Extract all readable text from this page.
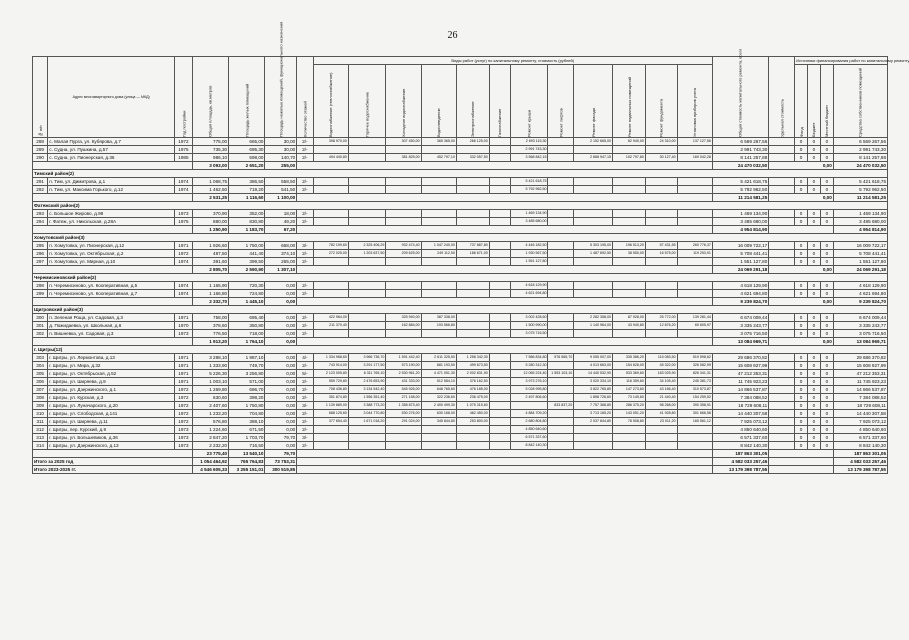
26
№ п/п	Адрес многоквартирного дома (улица — МКД)	Год постройки	Общая площадь, кв.метров	Площадь жилых помещений	Площадь нежилых помещений, функционального назначения	Количество этажей	Виды работ (услуг) по капитальному ремонту, стоимость (рублей)												Общая стоимость капитального ремонта, всего	Удельная стоимость	Источники финансирования работ по капитальному ремонту			
							Водоснабжение (теплоснабжение)	Горячее водоснабжение	Холодное водоснабжение	Водоотведение	Электроснабжение	Газоснабжение	Ремонт крыши	Ремонт лифтов	Ремонт фасада	Ремонт подвальных помещений	Ремонт фундамента	Установка приборов учета			Фонд	Бюджет	Местный бюджет	Средства собственников помещений
288	с. Малая Пурга, ул. Кубярова, д.7	1972	775,00	665,00	30,00	2/-	398 970,00		307 450,00	365 365,00	266 125,00		2 693 115,30		2 152 665,00	82 940,00	24 310,00	137 127,56	6 569 267,56		0	0	0	6 569 267,56
289	с. Судна, ул. Пушкина, д.57	1975	735,30	695,30	30,00	2/-							2 991 743,30						2 991 743,30		0	0	0	2 991 743,30
290	с. Судна, ул. Пионерская, д.36	1985	986,10	598,00	140,70	2/-	494 440,80		381 825,00	452 797,10	332 057,50		3 568 842,15		2 668 947,15	102 797,80	30 127,40	169 042,28	8 141 257,88		0	0	0	8 141 257,88
			3 093,00	2 651,20	255,00														24 470 032,50	0,00				24 470 032,50
Тимский район(2)																								
291	п. Тим, ул. Димитрова, д.1	1974	1 068,75	386,50	558,50	2/-							5 421 618,75						5 421 618,75		0	0	0	5 421 618,75
292	п. Тим, ул. Максима Горького, д.12	1974	1 462,50	719,20	541,50	2/-							5 792 962,50						5 792 962,50		0	0	0	5 792 962,50
			2 531,25	1 116,60	1 100,00														11 214 581,25	0,00				11 214 581,25
Фатежский район(2)																								
293	с. Большое Жирово, д.98	1973	370,90	352,00	18,00	2/-							1 469 134,90						1 469 134,90		0	0	0	1 469 134,90
294	г. Фатеж, ул. Никольская, д.28А	1975	880,00	830,80	49,20	2/-							3 485 680,00						3 485 680,00		0	0	0	3 485 680,00
			1 250,90	1 183,70	67,20														4 954 814,90					4 954 814,90
Хомутовский район(3)																								
295	п. Хомутовка, ул. Пионерская, д.12	1971	1 926,60	1 750,00	668,00	3/-	782 199,60	2 325 406,29	932 474,40	1 047 240,00	737 887,80		4 446 182,50		5 303 195,00	196 513,20	57 431,55	260 776,37	16 009 722,17		0	0	0	16 009 722,17
296	п. Хомутовка, ул. Октябрьская, д.2	1972	487,50	441,40	374,10	2/-	272 025,00	1 203 637,50	209 625,00	249 112,50	186 671,00		1 930 567,50		1 487 692,50	38 550,00	16 575,00	119 253,91	5 708 441,41		0	0	0	5 708 441,41
297	п. Хомутовка, ул. Мирная, д.10	1974	391,60	399,50	265,00	2/-							1 551 127,80						1 551 127,80		0	0	0	1 551 127,80
			2 805,70	2 590,90	1 307,10														24 069 291,18	0,00				24 069 291,18
Черемисиновский район(2)																								
298	п. Черемисиново, ул. Кооперативная, д.5	1974	1 165,90	720,30	0,00	2/-							4 618 129,90						4 618 129,90		0	0	0	4 618 129,90
299	п. Черемисиново, ул. Кооперативная, д.7	1974	1 166,80	724,80	0,00	2/-							4 621 694,80						4 621 694,80		0	0	0	4 621 694,80
			2 332,70	1 445,10	0,00														9 239 824,70	0,00				9 239 824,70
Щигровский район(3)																								
300	п. Зеленая Роща, ул. Садовая, д.3	1971	758,00	695,40	0,00	2/-	422 964,00		325 940,00	387 338,00			3 002 428,60		2 282 358,00	87 928,00	25 772,00	139 281,44	6 674 009,44		0	0	0	6 674 009,44
301	д. Пожидаевка, ул. Школьная, д.6	1970	378,60	350,80	0,00	2/-	211 370,40		162 884,00	193 566,80			1 500 990,00		1 140 964,00	43 940,80	12 876,20	69 605,97	3 335 243,77		0	0	0	3 335 243,77
302	п. Вишневка, ул. Садовая, д.3	1973	776,50	718,00	0,00	2/-							3 075 716,50						3 075 716,50		0	0	0	3 075 716,50
			1 913,20	1 764,10	0,00														13 084 969,71	0,00				13 084 969,71
г. Щигры(12)																								
303	г. Щигры, ул. Лермонтова, д.13	1971	3 288,10	1 987,10	0,00	4/-	1 334 968,60	3 966 736,70	1 591 442,40	2 611 325,50	1 258 342,30		7 586 834,80	576 565,70	9 055 007,00	335 386,20	115 083,50	519 598,62	29 686 370,82		0	0	0	29 686 370,82
304	г. Щигры, ул. Мира, д.32	1971	1 333,90	749,70	0,00	2/-	743 914,00	3 291 177,50	573 190,00	681 193,50	499 673,50		5 280 312,30		4 013 663,00	154 628,00	45 322,00	326 082,99	15 608 927,99		0	0	0	15 608 927,99
305	г. Щигры, ул. Октябрьская, д.52	1971	5 226,30	3 256,80	0,00	5/-	2 123 005,80	6 311 765,10	2 530 961,20	4 471 051,30	2 002 831,90		12 065 224,40	1 553 103,10	14 440 532,90	533 369,60	183 025,90	826 341,31	47 212 353,31		0	0	0	47 212 353,31
306	г. Щигры, ул. Ширяева, д.9	1971	1 003,10	571,00	0,00	2/-	559 729,80	2 476 653,90	431 333,00	512 584,10	376 162,50		3 973 276,10		3 020 334,10	116 359,60	34 105,40	245 381,73	11 745 923,23		0	0	0	11 745 923,23
307	г. Щигры, ул. Дзержинского, д.1	1972	1 269,80	696,70	0,00	2/-	708 436,80	3 134 542,40	545 926,00	648 765,60	476 185,00		5 028 995,80		3 822 765,80	147 273,60	43 166,40	310 573,87	14 866 537,87		0	0	0	14 866 537,87
308	г. Щигры, ул. Курская, д.3	1972	630,60	398,20	0,00	2/-	351 874,80	1 556 351,40	271 158,00	322 236,60	236 475,00		2 497 806,60		1 898 726,60	73 149,60	21 440,40	154 259,52	7 384 088,52		0	0	0	7 384 088,52
309	г. Щигры, ул. Луначарского, д.20	1972	2 407,60	1 750,80	0,00	3/-	1 139 889,00	3 388 773,20	1 358 873,40	2 400 499,30	1 075 315,60			833 837,20	7 757 368,80	286 375,20	98 268,00	390 358,91	18 729 608,11		0	0	0	18 729 608,11
310	г. Щигры, ул. Слободская, д.141	1972	1 233,20	704,80	0,00	2/-	688 125,60	3 044 770,80	530 276,00	630 168,00	462 450,00		4 884 709,20		3 713 165,20	143 051,20	41 928,80	301 666,58	14 440 307,58		0	0	0	14 440 307,58
311	г. Щигры, ул. Ширяева, д.11	1972	576,80	388,10	0,00	2/-	377 654,40	1 671 018,20	291 024,00	345 844,80	253 800,00		2 680 804,80		2 037 844,80	78 508,80	23 011,20	165 561,12	7 925 073,12		0	0	0	7 925 073,12
312	г. Щигры, пер. Курский, д.9	1973	1 224,60	671,50	0,00	2/-							4 850 640,60						4 850 640,60		0	0	0	4 850 640,60
313	г. Щигры, ул. Большевиков, д.36	1973	2 847,20	1 703,70	79,70	3/-							6 571 337,60						6 571 337,60		0	0	0	6 571 337,60
314	г. Щигры, ул. Дзержинского, д.13	1973	2 232,20	716,50	0,00	2/-							8 842 140,30						8 842 140,30		0	0	0	8 842 140,30
			23 775,40	13 540,10	79,70														187 863 301,05					187 863 301,05
Итого за 2025 год			1 054 464,92	765 764,83	73 753,31														4 582 033 257,46					4 582 033 257,46
Итого 2023-2025 гг.			4 546 605,33	3 255 151,01	300 519,85														13 179 398 787,55					13 179 398 787,55
